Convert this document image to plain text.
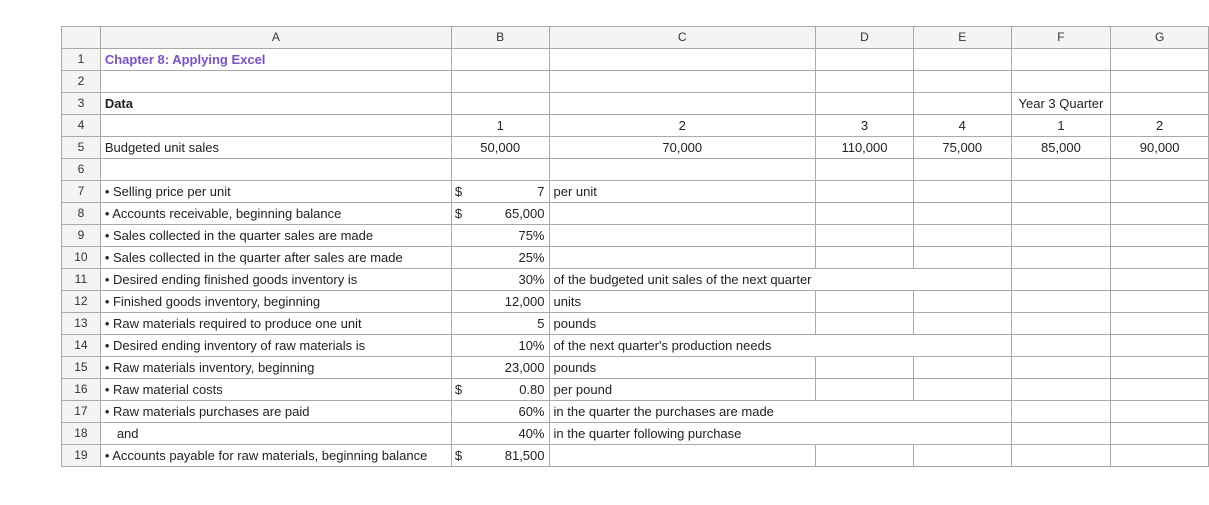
	A	B	C	D	E	F	G
1	Chapter 8: Applying Excel						
2							
3	Data					Year 3 Quarter	
4		1	2	3	4	1	2
5	Budgeted unit sales	50,000	70,000	110,000	75,000	85,000	90,000
6							
7	• Selling price per unit	$ 7	per unit				
8	• Accounts receivable, beginning balance	$ 65,000					
9	• Sales collected in the quarter sales are made	75%					
10	• Sales collected in the quarter after sales are made	25%					
11	• Desired ending finished goods inventory is	30%	of the budgeted unit sales of the next quarter				
12	• Finished goods inventory, beginning	12,000	units				
13	• Raw materials required to produce one unit	5	pounds				
14	• Desired ending inventory of raw materials is	10%	of the next quarter's production needs				
15	• Raw materials inventory, beginning	23,000	pounds				
16	• Raw material costs	$ 0.80	per pound				
17	• Raw materials purchases are paid	60%	in the quarter the purchases are made				
18	and	40%	in the quarter following purchase				
19	• Accounts payable for raw materials, beginning balance	$ 81,500					
